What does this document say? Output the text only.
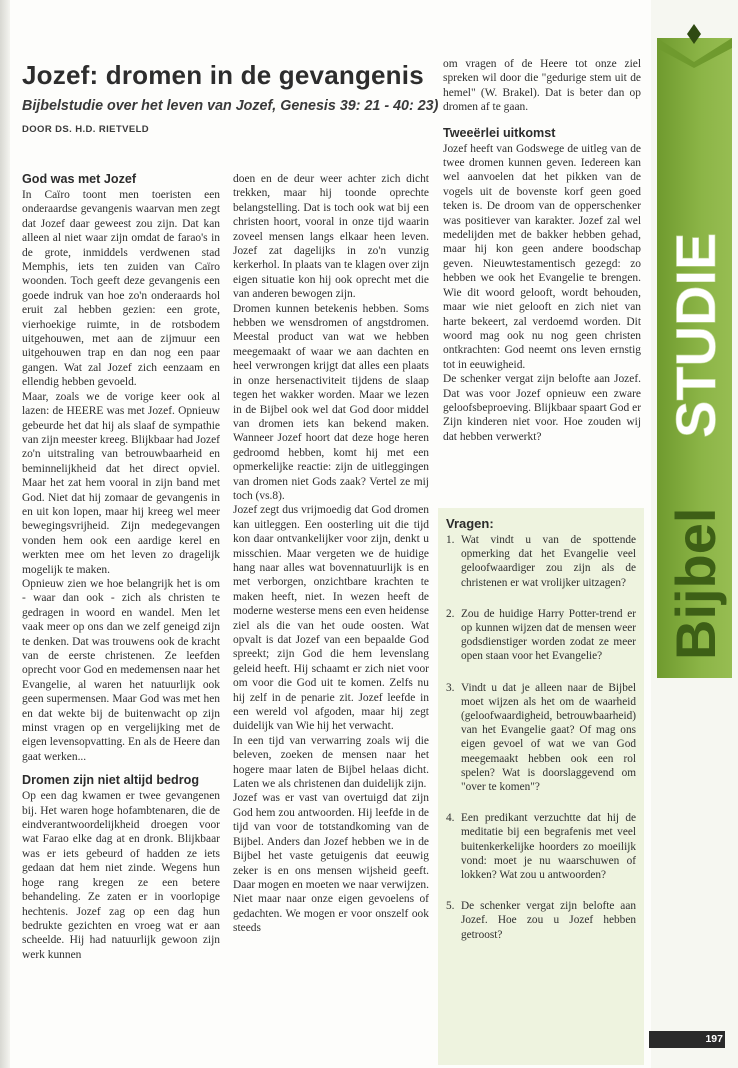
Jozef: dromen in de gevangenis
Bijbelstudie over het leven van Jozef, Genesis 39: 21 - 40: 23)
DOOR DS. H.D. RIETVELD
God was met Jozef

In Caïro toont men toeristen een onderaardse gevangenis waarvan men zegt dat Jozef daar geweest zou zijn. Dat kan alleen al niet waar zijn omdat de farao's in de grote, inmiddels verdwenen stad Memphis, iets ten zuiden van Caïro woonden. Toch geeft deze gevangenis een goede indruk van hoe zo'n onderaards hol eruit zal hebben gezien: een grote, vierhoekige ruimte, in de rotsbodem uitgehouwen, met aan de zijmuur een uitgehouwen trap en dan nog een paar gangen. Wat zal Jozef zich eenzaam en ellendig hebben gevoeld.

Maar, zoals we de vorige keer ook al lazen: de HEERE was met Jozef. Opnieuw gebeurde het dat hij als slaaf de sympathie van zijn meester kreeg. Blijkbaar had Jozef zo'n uitstraling van betrouwbaarheid en beminnelijkheid dat het direct opviel. Maar het zat hem vooral in zijn band met God. Niet dat hij zomaar de gevangenis in en uit kon lopen, maar hij kreeg wel meer bewegingsvrijheid. Zijn medegevangen vonden hem ook een aardige kerel en werkten mee om het leven zo dragelijk mogelijk te maken.

Opnieuw zien we hoe belangrijk het is om - waar dan ook - zich als christen te gedragen in woord en wandel. Men let vaak meer op ons dan we zelf geneigd zijn te denken. Dat was trouwens ook de kracht van de eerste christenen. Ze leefden oprecht voor God en medemensen naar het Evangelie, al waren het natuurlijk ook geen supermensen. Maar God was met hen en dat wekte bij de buitenwacht op zijn minst vragen op en vergelijking met de eigen levensopvatting. En als de Heere dan gaat werken...

Dromen zijn niet altijd bedrog

Op een dag kwamen er twee gevangenen bij. Het waren hoge hofambtenaren, die de eindverantwoordelijkheid droegen voor wat Farao elke dag at en dronk. Blijkbaar was er iets gebeurd of hadden ze iets gedaan dat hem niet zinde. Wegens hun hoge rang kregen ze een betere behandeling. Ze zaten er in voorlopige hechtenis. Jozef zag op een dag hun bedrukte gezichten en vroeg wat er aan scheelde. Hij had natuurlijk gewoon zijn werk kunnen

doen en de deur weer achter zich dicht trekken, maar hij toonde oprechte belangstelling. Dat is toch ook wat bij een christen hoort, vooral in onze tijd waarin zoveel mensen langs elkaar heen leven. Jozef zat dagelijks in zo'n vunzig kerkerhol. In plaats van te klagen over zijn eigen situatie kon hij ook oprecht met die van anderen bewogen zijn.

Dromen kunnen betekenis hebben. Soms hebben we wensdromen of angstdromen. Meestal product van wat we hebben meegemaakt of waar we aan dachten en heel verwrongen krijgt dat alles een plaats in onze hersenactiviteit tijdens de slaap tegen het wakker worden. Maar we lezen in de Bijbel ook wel dat God door middel van dromen iets kan bekend maken. Wanneer Jozef hoort dat deze hoge heren gedroomd hebben, komt hij met een opmerkelijke reactie: zijn de uitleggingen van dromen niet Gods zaak? Vertel ze mij toch (vs.8).

Jozef zegt dus vrijmoedig dat God dromen kan uitleggen. Een oosterling uit die tijd kon daar ontvankelijker voor zijn, denkt u misschien. Maar vergeten we de huidige hang naar alles wat bovennatuurlijk is en met verborgen, onzichtbare krachten te maken heeft, niet. In wezen heeft de moderne westerse mens een even heidense ziel als die van het oude oosten. Wat opvalt is dat Jozef van een bepaalde God spreekt; zijn God die hem levenslang geleid heeft. Hij schaamt er zich niet voor om voor die God uit te komen. Zelfs nu hij zelf in de penarie zit. Jozef leefde in een wereld vol afgoden, maar hij zegt duidelijk van Wie hij het verwacht.

In een tijd van verwarring zoals wij die beleven, zoeken de mensen naar het hogere maar laten de Bijbel helaas dicht. Laten we als christenen dan duidelijk zijn.

Jozef was er vast van overtuigd dat zijn God hem zou antwoorden. Hij leefde in de tijd van voor de totstandkoming van de Bijbel. Anders dan Jozef hebben we in de Bijbel het vaste getuigenis dat eeuwig zeker is en ons mensen wijsheid geeft. Daar mogen en moeten we naar verwijzen. Niet maar naar onze eigen gevoelens of gedachten. We mogen er voor onszelf ook steeds

om vragen of de Heere tot onze ziel spreken wil door die "gedurige stem uit de hemel" (W. Brakel). Dat is beter dan op dromen af te gaan.

Tweeërlei uitkomst

Jozef heeft van Godswege de uitleg van de twee dromen kunnen geven. Iedereen kan wel aanvoelen dat het pikken van de vogels uit de bovenste korf geen goed teken is. De droom van de opperschenker was positiever van karakter. Jozef zal wel medelijden met de bakker hebben gehad, maar hij kon geen andere boodschap geven. Nieuwtestamentisch gezegd: zo hebben we ook het Evangelie te brengen. Wie dit woord gelooft, wordt behouden, maar wie niet gelooft en zich niet van harte bekeert, zal verdoemd worden. Dit woord mag ook nu nog geen christen ontkrachten: God neemt ons leven ernstig tot in eeuwigheid.

De schenker vergat zijn belofte aan Jozef. Dat was voor Jozef opnieuw een zware geloofsbeproeving. Blijkbaar spaart God er Zijn kinderen niet voor. Hoe zouden wij dat hebben verwerkt?

Vragen:
1. Wat vindt u van de spottende opmerking dat het Evangelie veel geloofwaardiger zou zijn als de christenen er wat vrolijker uitzagen?
2. Zou de huidige Harry Potter-trend er op kunnen wijzen dat de mensen weer godsdienstiger worden zodat ze meer open staan voor het Evangelie?
3. Vindt u dat je alleen naar de Bijbel moet wijzen als het om de waarheid (geloofwaardigheid, betrouwbaarheid) van het Evangelie gaat? Of mag ons eigen gevoel of wat we van God meegemaakt hebben ook een rol spelen? Wat is doorslaggevend om "over te komen"?
4. Een predikant verzuchtte dat hij de meditatie bij een begrafenis met veel buitenkerkelijke hoorders zo moeilijk vond: moet je nu waarschuwen of lokken? Wat zou u antwoorden?
5. De schenker vergat zijn belofte aan Jozef. Hoe zou u Jozef hebben getroost?
Bijbel
STUDIE
197
